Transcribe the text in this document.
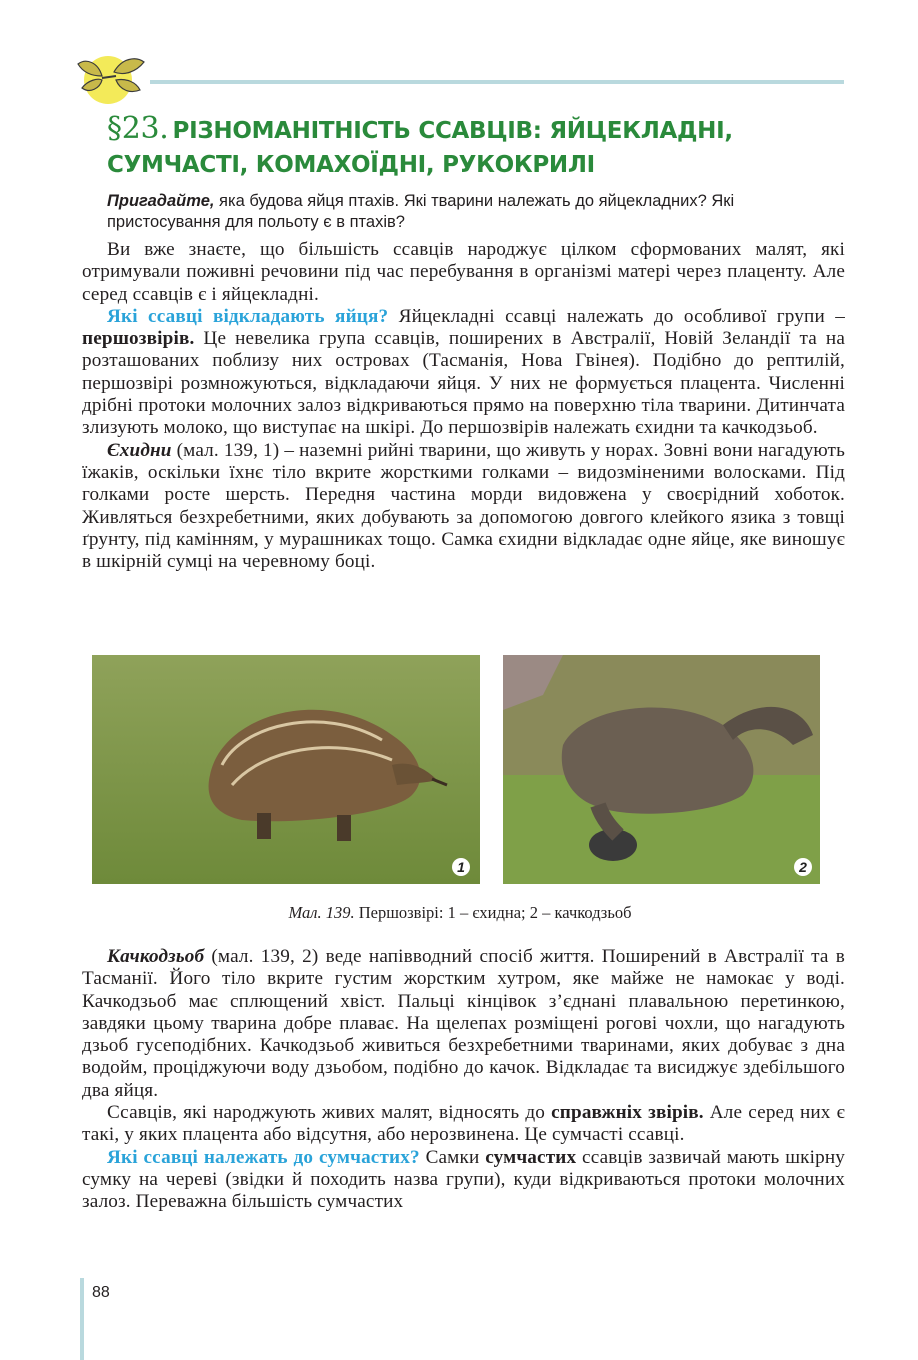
§23. РІЗНОМАНІТНІСТЬ ССАВЦІВ: ЯЙЦЕКЛАДНІ, СУМЧАСТІ, КОМАХОЇДНІ, РУКОКРИЛІ
Пригадайте, яка будова яйця птахів. Які тварини належать до яйцекладних? Які пристосування для польоту є в птахів?

Ви вже знаєте, що більшість ссавців народжує цілком сформованих малят, які отримували поживні речовини під час перебування в організмі матері через плаценту. Але серед ссавців є і яйцекладні.

Які ссавці відкладають яйця? Яйцекладні ссавці належать до особливої групи – першозвірів. Це невелика група ссавців, поширених в Австралії, Новій Зеландії та на розташованих поблизу них островах (Тасманія, Нова Гвінея). Подібно до рептилій, першозвірі розмножуються, відкладаючи яйця. У них не формується плацента. Численні дрібні протоки молочних залоз відкриваються прямо на поверхню тіла тварини. Дитинчата злизують молоко, що виступає на шкірі. До першозвірів належать єхидни та качкодзьоб.

Єхидни (мал. 139, 1) – наземні рийні тварини, що живуть у норах. Зовні вони нагадують їжаків, оскільки їхнє тіло вкрите жорсткими голками – видозміненими волосками. Під голками росте шерсть. Передня частина морди видовжена у своєрідний хоботок. Живляться безхребетними, яких добувають за допомогою довгого клейкого язика з товщі ґрунту, під камінням, у мурашниках тощо. Самка єхидни відкладає одне яйце, яке виношує в шкірній сумці на черевному боці.

1	2
Мал. 139. Першозвірі: 1 – єхидна; 2 – качкодзьоб

Качкодзьоб (мал. 139, 2) веде напівводний спосіб життя. Поширений в Австралії та в Тасманії. Його тіло вкрите густим жорстким хутром, яке майже не намокає у воді. Качкодзьоб має сплющений хвіст. Пальці кінцівок з’єднані плавальною перетинкою, завдяки цьому тварина добре плаває. На щелепах розміщені рогові чохли, що нагадують дзьоб гусеподібних. Качкодзьоб живиться безхребетними тваринами, яких добуває з дна водойм, проціджуючи воду дзьобом, подібно до качок. Відкладає та висиджує здебільшого два яйця.

Ссавців, які народжують живих малят, відносять до справжніх звірів. Але серед них є такі, у яких плацента або відсутня, або нерозвинена. Це сумчасті ссавці.

Які ссавці належать до сумчастих? Самки сумчастих ссавців зазвичай мають шкірну сумку на череві (звідки й походить назва групи), куди відкриваються протоки молочних залоз. Переважна більшість сумчастих

88
